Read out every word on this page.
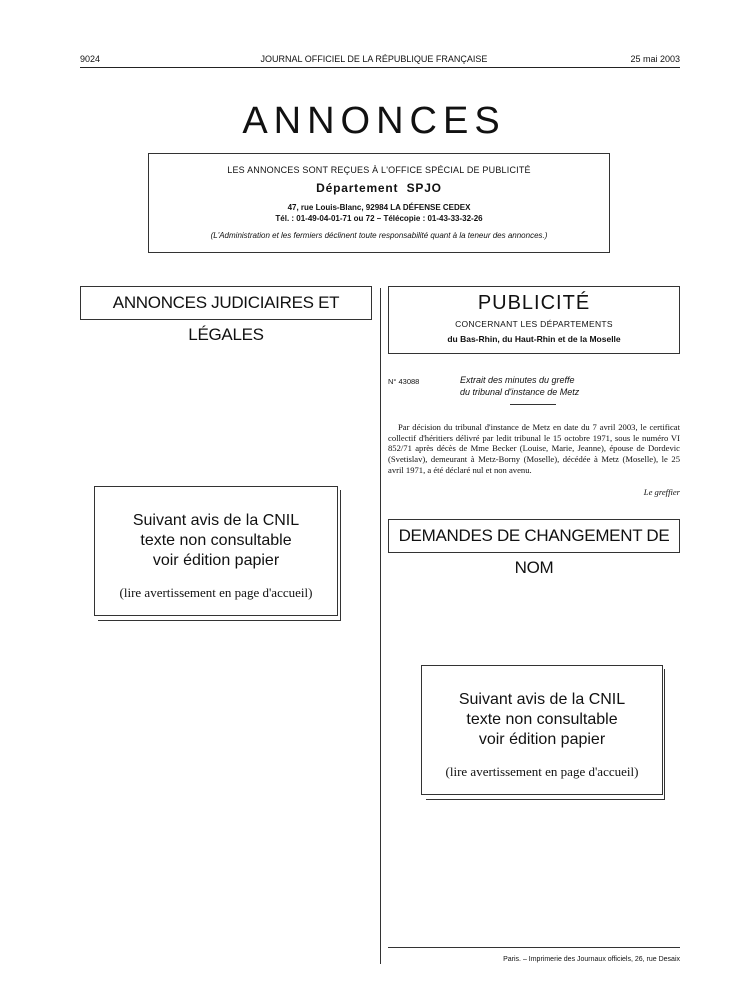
9024	JOURNAL OFFICIEL DE LA RÉPUBLIQUE FRANÇAISE	25 mai 2003
ANNONCES
LES ANNONCES SONT REÇUES À L'OFFICE SPÉCIAL DE PUBLICITÉ
Département  SPJO
47, rue Louis-Blanc, 92984 LA DÉFENSE CEDEX
Tél. : 01-49-04-01-71 ou 72 – Télécopie : 01-43-33-32-26
(L'Administration et les fermiers déclinent toute responsabilité quant à la teneur des annonces.)
ANNONCES JUDICIAIRES ET LÉGALES
Suivant avis de la CNIL
texte non consultable
voir édition papier
(lire avertissement en page d'accueil)
PUBLICITÉ
CONCERNANT LES DÉPARTEMENTS
du Bas-Rhin, du Haut-Rhin et de la Moselle
N° 43088	Extrait des minutes du greffe
du tribunal d'instance de Metz
Par décision du tribunal d'instance de Metz en date du 7 avril 2003, le certificat collectif d'héritiers délivré par ledit tribunal le 15 octobre 1971, sous le numéro VI 852/71 après décès de Mme Becker (Louise, Marie, Jeanne), épouse de Dordevic (Svetislav), demeurant à Metz-Borny (Moselle), décédée à Metz (Moselle), le 25 avril 1971, a été déclaré nul et non avenu.
Le greffier
DEMANDES DE CHANGEMENT DE NOM
Suivant avis de la CNIL
texte non consultable
voir édition papier
(lire avertissement en page d'accueil)
Paris. – Imprimerie des Journaux officiels, 26, rue Desaix
